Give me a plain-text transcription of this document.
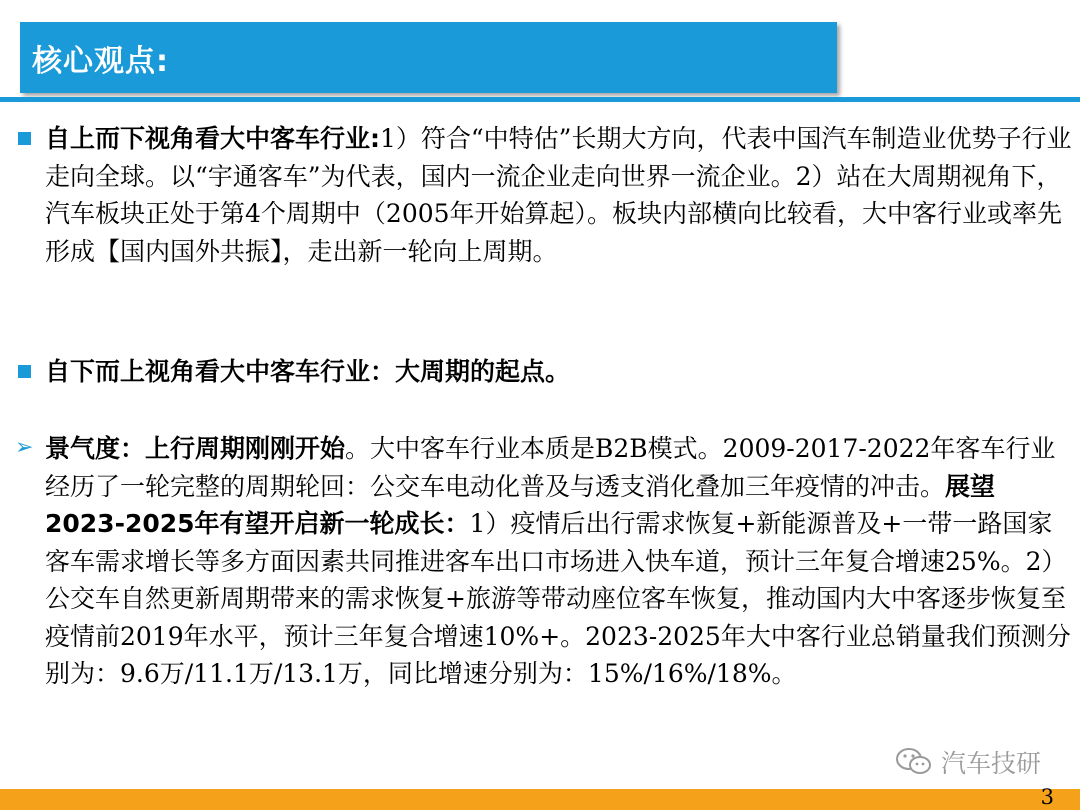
核心观点:
自上而下视角看大中客车行业:1）符合“中特估”长期大方向，代表中国汽车制造业优势子行业走向全球。以“宇通客车”为代表，国内一流企业走向世界一流企业。2）站在大周期视角下，汽车板块正处于第4个周期中（2005年开始算起）。板块内部横向比较看，大中客行业或率先形成【国内国外共振】，走出新一轮向上周期。
自下而上视角看大中客车行业：大周期的起点。
➢ 景气度：上行周期刚刚开始。大中客车行业本质是B2B模式。2009-2017-2022年客车行业经历了一轮完整的周期轮回：公交车电动化普及与透支消化叠加三年疫情的冲击。展望2023-2025年有望开启新一轮成长：1）疫情后出行需求恢复+新能源普及+一带一路国家客车需求增长等多方面因素共同推进客车出口市场进入快车道，预计三年复合增速25%。2）公交车自然更新周期带来的需求恢复+旅游等带动座位客车恢复，推动国内大中客逐步恢复至疫情前2019年水平，预计三年复合增速10%+。2023-2025年大中客行业总销量我们预测分别为：9.6万/11.1万/13.1万，同比增速分别为：15%/16%/18%。
汽车技研
3
